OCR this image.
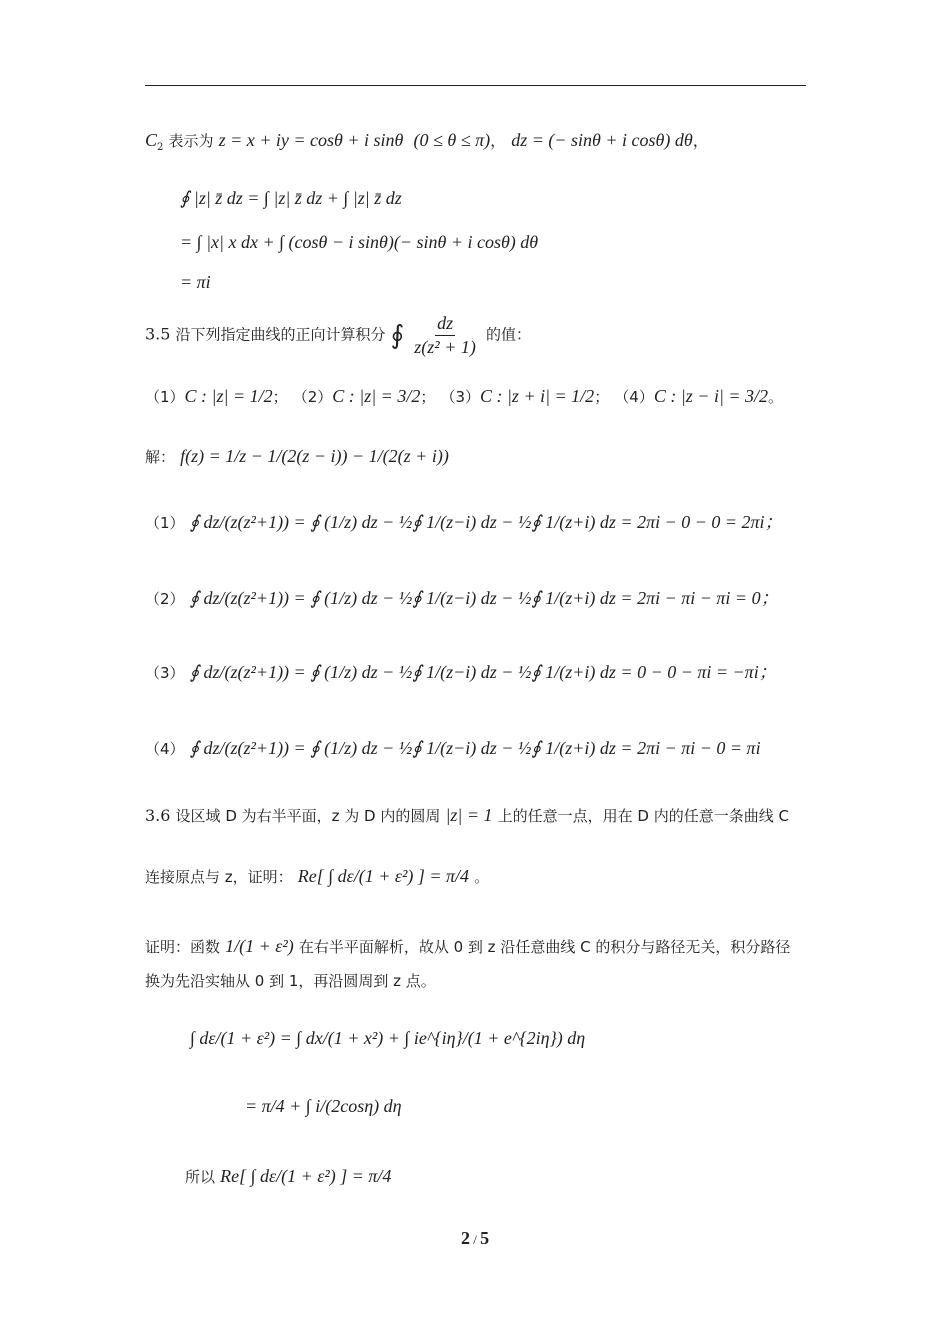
$C_2$ 表示为 z = x + iy = cosθ + i sinθ (0 ≤ θ ≤ π)， dz = (− sinθ + i cosθ) dθ，
∮ |z| z̄ dz = ∫ |z| z̄ dz + ∫ |z| z̄ dz
= ∫ |x| x dx + ∫ (cosθ − i sinθ)(− sinθ + i cosθ) dθ
= πi
3.5 沿下列指定曲线的正向计算积分 ∮ $\frac{dz}{\text{z(z² + 1)}}$ 的值：
（1）C : |z| = 1/2； （2）C : |z| = 3/2； （3）C : |z + i| = 1/2； （4）C : |z − i| = 3/2。
解： f(z) = 1/z − 1/(2(z − i)) − 1/(2(z + i))
（1） ∮ dz/(z(z²+1)) = ∮ (1/z) dz − ½∮ 1/(z−i) dz − ½∮ 1/(z+i) dz = 2πi − 0 − 0 = 2πi；
（2） ∮ dz/(z(z²+1)) = ∮ (1/z) dz − ½∮ 1/(z−i) dz − ½∮ 1/(z+i) dz = 2πi − πi − πi = 0；
（3） ∮ dz/(z(z²+1)) = ∮ (1/z) dz − ½∮ 1/(z−i) dz − ½∮ 1/(z+i) dz = 0 − 0 − πi = −πi；
（4） ∮ dz/(z(z²+1)) = ∮ (1/z) dz − ½∮ 1/(z−i) dz − ½∮ 1/(z+i) dz = 2πi − πi − 0 = πi
3.6 设区域 D 为右半平面，z 为 D 内的圆周 |z| = 1 上的任意一点，用在 D 内的任意一条曲线 C
连接原点与 z，证明： Re[ ∫ dε/(1 + ε²) ] = π/4 。
证明：函数 1/(1 + ε²) 在右半平面解析，故从 0 到 z 沿任意曲线 C 的积分与路径无关，积分路径
换为先沿实轴从 0 到 1，再沿圆周到 z 点。
∫ dε/(1 + ε²) = ∫ dx/(1 + x²) + ∫ ie^{iη}/(1 + e^{2iη}) dη
= π/4 + ∫ i/(2cosη) dη
所以 Re[ ∫ dε/(1 + ε²) ] = π/4
2 / 5
